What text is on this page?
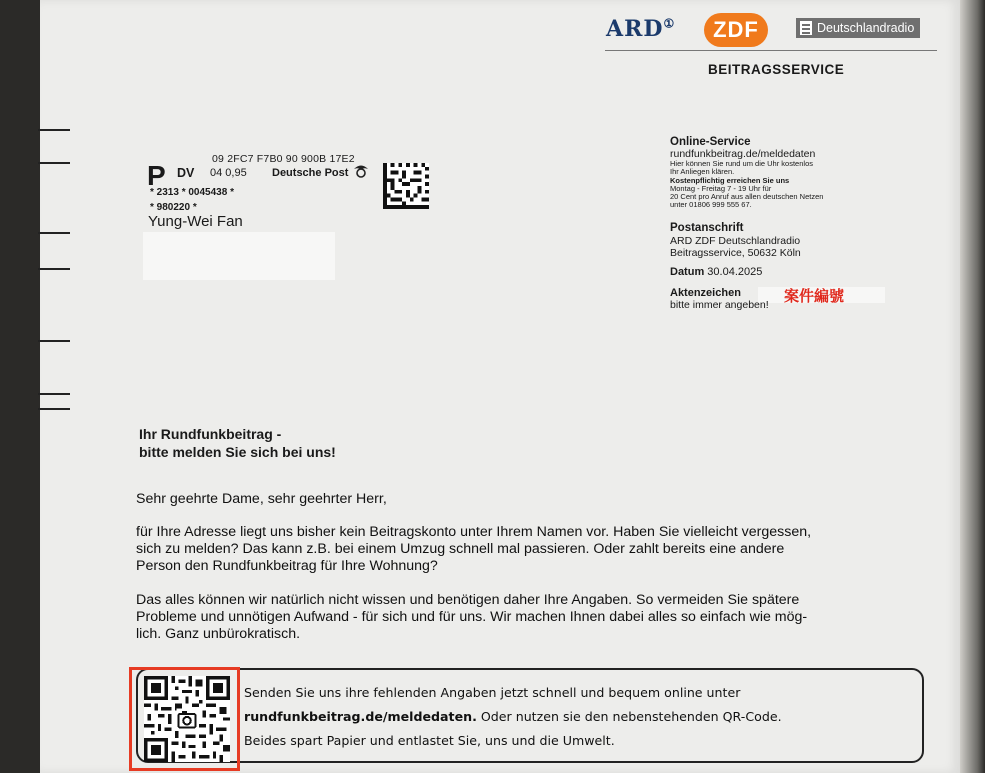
ARD① ZDF	Deutschlandradio
BEITRAGSSERVICE
09 2FC7 F7B0 90 900B 17E2
P DV 04 0,95 Deutsche Post
* 2313 * 0045438 *
* 980220 *
Yung-Wei Fan
Online-Service
rundfunkbeitrag.de/meldedaten
Hier können Sie rund um die Uhr kostenlos
Ihr Anliegen klären.
Kostenpflichtig erreichen Sie uns
Montag - Freitag 7 - 19 Uhr für
20 Cent pro Anruf aus allen deutschen Netzen
unter 01806 999 555 67.
Postanschrift
ARD ZDF Deutschlandradio
Beitragsservice, 50632 Köln
Datum 30.04.2025
Aktenzeichen	案件編號
bitte immer angeben!
Ihr Rundfunkbeitrag -
bitte melden Sie sich bei uns!
Sehr geehrte Dame, sehr geehrter Herr,
für Ihre Adresse liegt uns bisher kein Beitragskonto unter Ihrem Namen vor. Haben Sie vielleicht vergessen,
sich zu melden? Das kann z.B. bei einem Umzug schnell mal passieren. Oder zahlt bereits eine andere
Person den Rundfunkbeitrag für Ihre Wohnung?
Das alles können wir natürlich nicht wissen und benötigen daher Ihre Angaben. So vermeiden Sie spätere
Probleme und unnötigen Aufwand - für sich und für uns. Wir machen Ihnen dabei alles so einfach wie mög-
lich. Ganz unbürokratisch.
Senden Sie uns ihre fehlenden Angaben jetzt schnell und bequem online unter
rundfunkbeitrag.de/meldedaten. Oder nutzen sie den nebenstehenden QR-Code.
Beides spart Papier und entlastet Sie, uns und die Umwelt.
